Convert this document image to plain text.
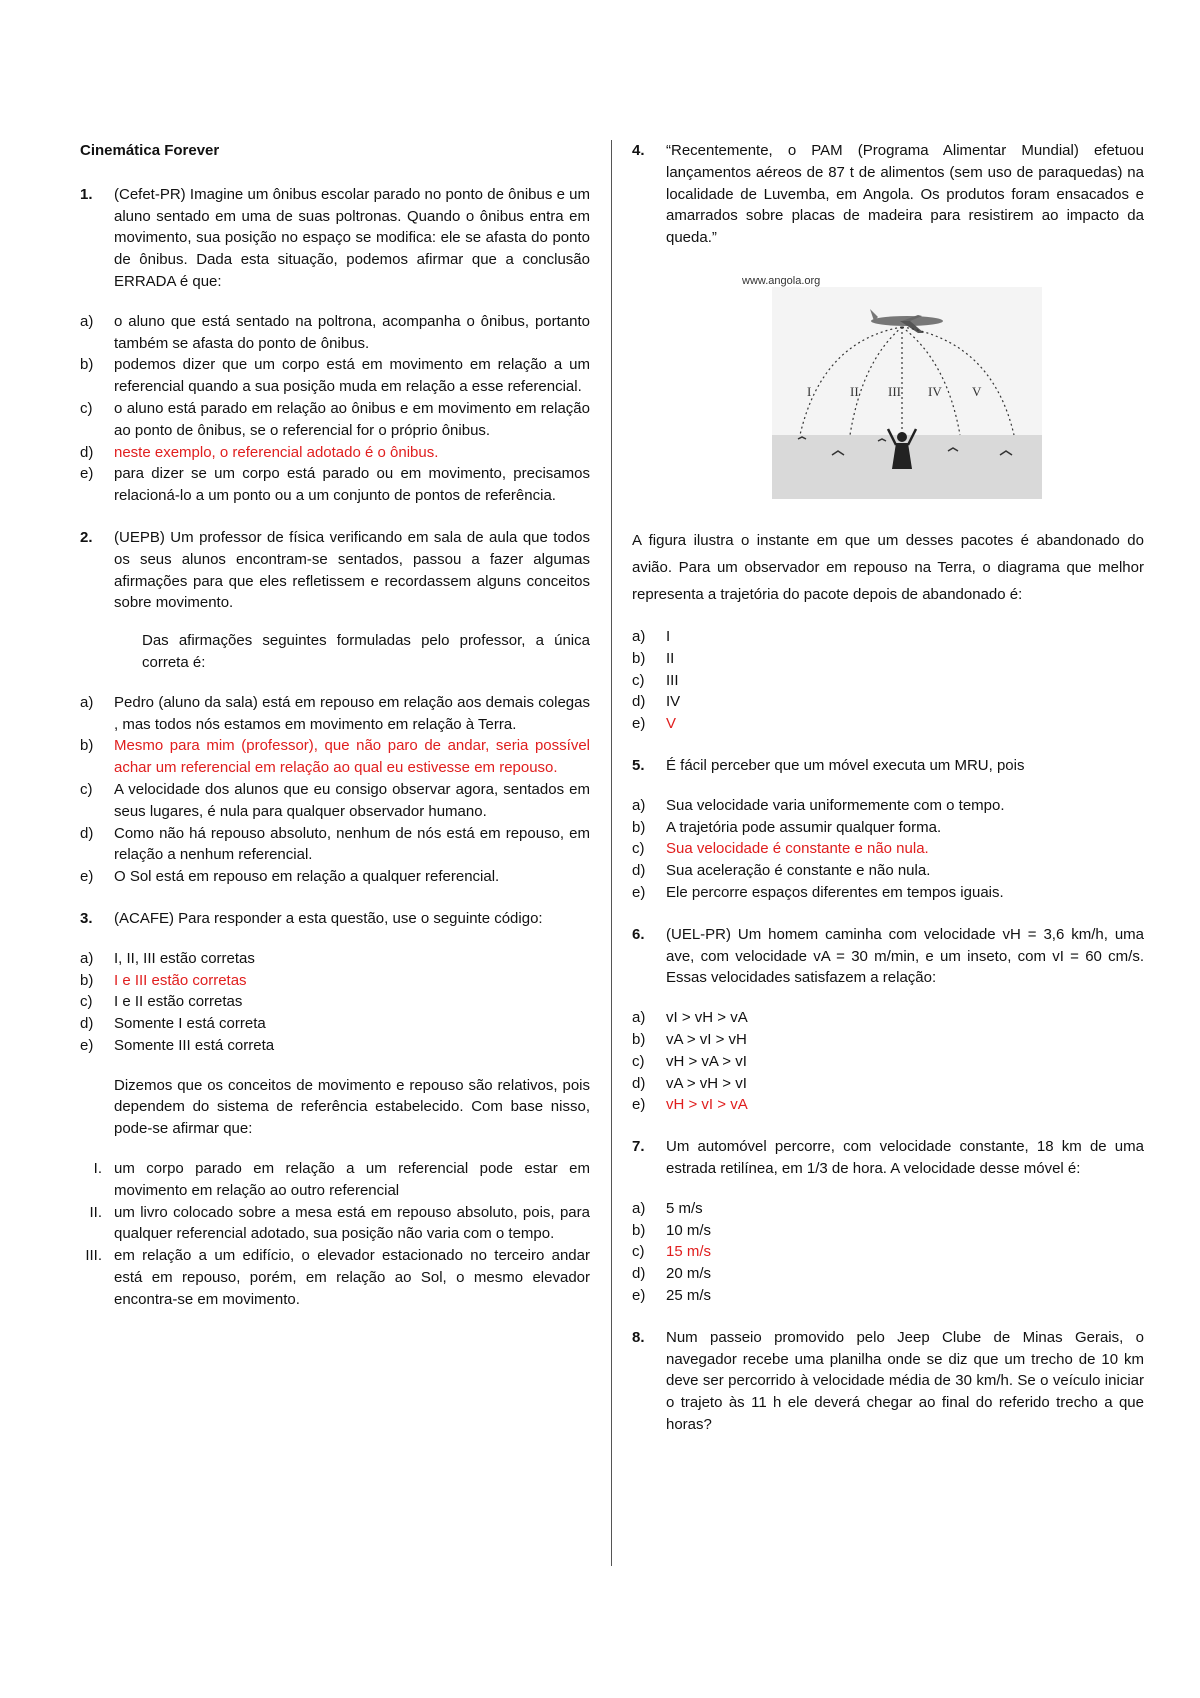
Cinemática Forever
1.	(Cefet-PR) Imagine um ônibus escolar parado no ponto de ônibus e um aluno sentado em uma de suas poltronas. Quando o ônibus entra em movimento, sua posição no espaço se modifica: ele se afasta do ponto de ônibus. Dada esta situação, podemos afirmar que a conclusão ERRADA é que:
a)	o aluno que está sentado na poltrona, acompanha o ônibus, portanto também se afasta do ponto de ônibus.
b)	podemos dizer que um corpo está em movimento em relação a um referencial quando a sua posição muda em relação a esse referencial.
c)	o aluno está parado em relação ao ônibus e em movimento em relação ao ponto de ônibus, se o referencial for o próprio ônibus.
d)	neste exemplo, o referencial adotado é o ônibus.
e)	para dizer se um corpo está parado ou em movimento, precisamos relacioná-lo a um ponto ou a um conjunto de pontos de referência.
2.	(UEPB) Um professor de física verificando em sala de aula que todos os seus alunos encontram-se sentados, passou a fazer algumas afirmações para que eles refletissem e recordassem alguns conceitos sobre movimento.
Das afirmações seguintes formuladas pelo professor, a única correta é:
a)	Pedro (aluno da sala) está em repouso em relação aos demais colegas , mas todos nós estamos em movimento em relação à Terra.
b)	Mesmo para mim (professor), que não paro de andar, seria possível achar um referencial em relação ao qual eu estivesse em repouso.
c)	A velocidade dos alunos que eu consigo observar agora, sentados em seus lugares, é nula para qualquer observador humano.
d)	Como não há repouso absoluto, nenhum de nós está em repouso, em relação a nenhum referencial.
e)	O Sol está em repouso em relação a qualquer referencial.
3.	(ACAFE) Para responder a esta questão, use o seguinte código:
a)	I, II, III estão corretas
b)	I e III estão corretas
c)	I e II estão corretas
d)	Somente I está correta
e)	Somente III está correta
Dizemos que os conceitos de movimento e repouso são relativos, pois dependem do sistema de referência estabelecido. Com base nisso, pode-se afirmar que:
I. um corpo parado em relação a um referencial pode estar em movimento em relação ao outro referencial
II. um livro colocado sobre a mesa está em repouso absoluto, pois, para qualquer referencial adotado, sua posição não varia com o tempo.
III. em relação a um edifício, o elevador estacionado no terceiro andar está em repouso, porém, em relação ao Sol, o mesmo elevador encontra-se em movimento.
4.	“Recentemente, o PAM (Programa Alimentar Mundial) efetuou lançamentos aéreos de 87 t de alimentos (sem uso de paraquedas) na localidade de Luvemba, em Angola. Os produtos foram ensacados e amarrados sobre placas de madeira para resistirem ao impacto da queda.”
www.angola.org
I	II III IV V
A figura ilustra o instante em que um desses pacotes é abandonado do avião. Para um observador em repouso na Terra, o diagrama que melhor representa a trajetória do pacote depois de abandonado é:
a)	I
b)	II
c)	III
d)	IV
e)	V
5.	É fácil perceber que um móvel executa um MRU, pois
a)	Sua velocidade varia uniformemente com o tempo.
b)	A trajetória pode assumir qualquer forma.
c)	Sua velocidade é constante e não nula.
d)	Sua aceleração é constante e não nula.
e)	Ele percorre espaços diferentes em tempos iguais.
6.	(UEL-PR) Um homem caminha com velocidade vH = 3,6 km/h, uma ave, com velocidade vA = 30 m/min, e um inseto, com vI = 60 cm/s. Essas velocidades satisfazem a relação:
a)	vI > vH > vA
b)	vA > vI > vH
c)	vH > vA > vI
d)	vA > vH > vI
e)	vH > vI > vA
7.	Um automóvel percorre, com velocidade constante, 18 km de uma estrada retilínea, em 1/3 de hora. A velocidade desse móvel é:
a)	5 m/s
b)	10 m/s
c)	15 m/s
d)	20 m/s
e)	25 m/s
8.	Num passeio promovido pelo Jeep Clube de Minas Gerais, o navegador recebe uma planilha onde se diz que um trecho de 10 km deve ser percorrido à velocidade média de 30 km/h. Se o veículo iniciar o trajeto às 11 h ele deverá chegar ao final do referido trecho a que horas?
